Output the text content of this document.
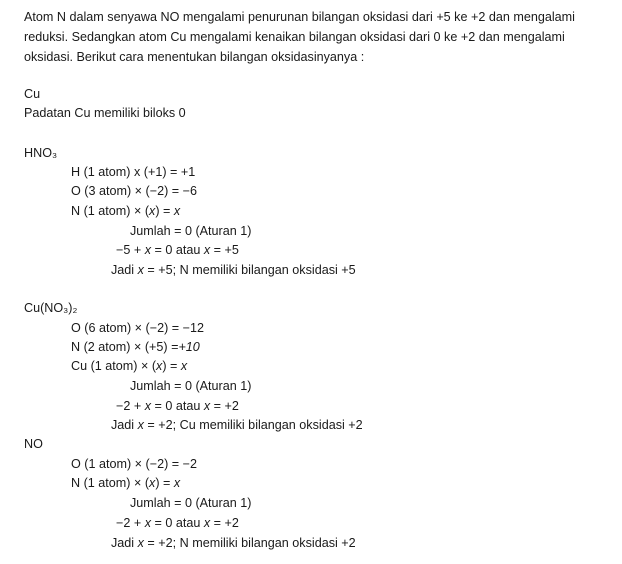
Atom N dalam senyawa NO mengalami penurunan bilangan oksidasi dari +5 ke +2 dan mengalami
reduksi. Sedangkan atom Cu mengalami kenaikan bilangan oksidasi dari 0 ke +2 dan mengalami
oksidasi. Berikut cara menentukan bilangan oksidasinyanya :
Cu
Padatan Cu memiliki biloks 0
HNO₃
H (1 atom) x (+1) = +1
O (3 atom) × (−2) = −6
N (1 atom) × (x) = x
Jumlah = 0 (Aturan 1)
−5 + x = 0 atau x = +5
Jadi x = +5; N memiliki bilangan oksidasi +5
Cu(NO₃)₂
O (6 atom) × (−2) = −12
N (2 atom) × (+5) =+10
Cu (1 atom) × (x) = x
Jumlah = 0 (Aturan 1)
−2 + x = 0 atau x = +2
Jadi x = +2; Cu memiliki bilangan oksidasi +2
NO
O (1 atom) × (−2) = −2
N (1 atom) × (x) = x
Jumlah = 0 (Aturan 1)
−2 + x = 0 atau x = +2
Jadi x = +2; N memiliki bilangan oksidasi +2
